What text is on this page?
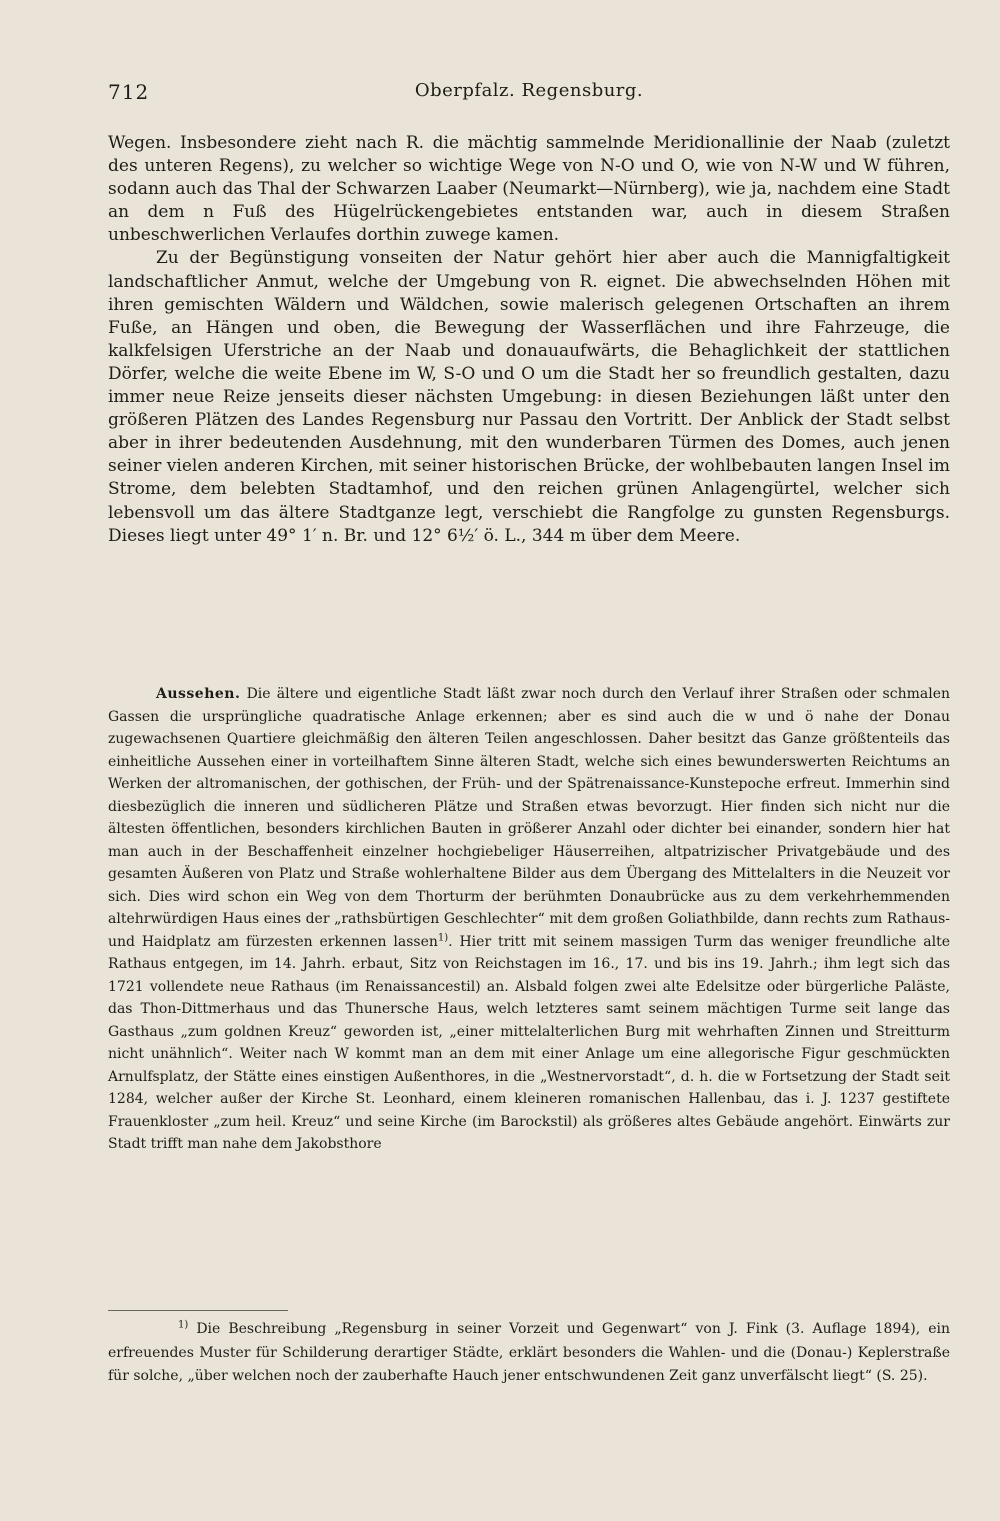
712	Oberpfalz. Regensburg.

Wegen. Insbesondere zieht nach R. die mächtig sammelnde Meridionallinie der Naab (zuletzt des unteren Regens), zu welcher so wichtige Wege von N-O und O, wie von N-W und W führen, sodann auch das Thal der Schwarzen Laaber (Neumarkt—Nürnberg), wie ja, nachdem eine Stadt an dem n Fuß des Hügelrückengebietes entstanden war, auch in diesem Straßen unbeschwerlichen Verlaufes dorthin zuwege kamen.

Zu der Begünstigung vonseiten der Natur gehört hier aber auch die Mannigfaltigkeit landschaftlicher Anmut, welche der Umgebung von R. eignet. Die abwechselnden Höhen mit ihren gemischten Wäldern und Wäldchen, sowie malerisch gelegenen Ortschaften an ihrem Fuße, an Hängen und oben, die Bewegung der Wasserflächen und ihre Fahrzeuge, die kalkfelsigen Uferstriche an der Naab und donauaufwärts, die Behaglichkeit der stattlichen Dörfer, welche die weite Ebene im W, S-O und O um die Stadt her so freundlich gestalten, dazu immer neue Reize jenseits dieser nächsten Umgebung: in diesen Beziehungen läßt unter den größeren Plätzen des Landes Regensburg nur Passau den Vortritt. Der Anblick der Stadt selbst aber in ihrer bedeutenden Ausdehnung, mit den wunderbaren Türmen des Domes, auch jenen seiner vielen anderen Kirchen, mit seiner historischen Brücke, der wohlbebauten langen Insel im Strome, dem belebten Stadtamhof, und den reichen grünen Anlagengürtel, welcher sich lebensvoll um das ältere Stadtganze legt, verschiebt die Rangfolge zu gunsten Regensburgs. Dieses liegt unter 49° 1′ n. Br. und 12° 6½′ ö. L., 344 m über dem Meere.

Aussehen. Die ältere und eigentliche Stadt läßt zwar noch durch den Verlauf ihrer Straßen oder schmalen Gassen die ursprüngliche quadratische Anlage erkennen; aber es sind auch die w und ö nahe der Donau zugewachsenen Quartiere gleichmäßig den älteren Teilen angeschlossen. Daher besitzt das Ganze größtenteils das einheitliche Aussehen einer in vorteilhaftem Sinne älteren Stadt, welche sich eines bewunderswerten Reichtums an Werken der altromanischen, der gothischen, der Früh- und der Spätrenaissance-Kunstepoche erfreut. Immerhin sind diesbezüglich die inneren und südlicheren Plätze und Straßen etwas bevorzugt. Hier finden sich nicht nur die ältesten öffentlichen, besonders kirchlichen Bauten in größerer Anzahl oder dichter bei einander, sondern hier hat man auch in der Beschaffenheit einzelner hochgiebeliger Häuserreihen, altpatrizischer Privatgebäude und des gesamten Äußeren von Platz und Straße wohlerhaltene Bilder aus dem Übergang des Mittelalters in die Neuzeit vor sich. Dies wird schon ein Weg von dem Thorturm der berühmten Donaubrücke aus zu dem verkehrhemmenden altehrwürdigen Haus eines der „rathsbürtigen Geschlechter“ mit dem großen Goliathbilde, dann rechts zum Rathaus- und Haidplatz am fürzesten erkennen lassen$^{1)}$. Hier tritt mit seinem massigen Turm das weniger freundliche alte Rathaus entgegen, im 14. Jahrh. erbaut, Sitz von Reichstagen im 16., 17. und bis ins 19. Jahrh.; ihm legt sich das 1721 vollendete neue Rathaus (im Renaissancestil) an. Alsbald folgen zwei alte Edelsitze oder bürgerliche Paläste, das Thon-Dittmerhaus und das Thunersche Haus, welch letzteres samt seinem mächtigen Turme seit lange das Gasthaus „zum goldnen Kreuz“ geworden ist, „einer mittelalterlichen Burg mit wehrhaften Zinnen und Streitturm nicht unähnlich“. Weiter nach W kommt man an dem mit einer Anlage um eine allegorische Figur geschmückten Arnulfsplatz, der Stätte eines einstigen Außenthores, in die „Westnervorstadt“, d. h. die w Fortsetzung der Stadt seit 1284, welcher außer der Kirche St. Leonhard, einem kleineren romanischen Hallenbau, das i. J. 1237 gestiftete Frauenkloster „zum heil. Kreuz“ und seine Kirche (im Barockstil) als größeres altes Gebäude angehört. Einwärts zur Stadt trifft man nahe dem Jakobsthore

$^{1)}$ Die Beschreibung „Regensburg in seiner Vorzeit und Gegenwart“ von J. Fink (3. Auflage 1894), ein erfreuendes Muster für Schilderung derartiger Städte, erklärt besonders die Wahlen- und die (Donau-) Keplerstraße für solche, „über welchen noch der zauberhafte Hauch jener entschwundenen Zeit ganz unverfälscht liegt“ (S. 25).
